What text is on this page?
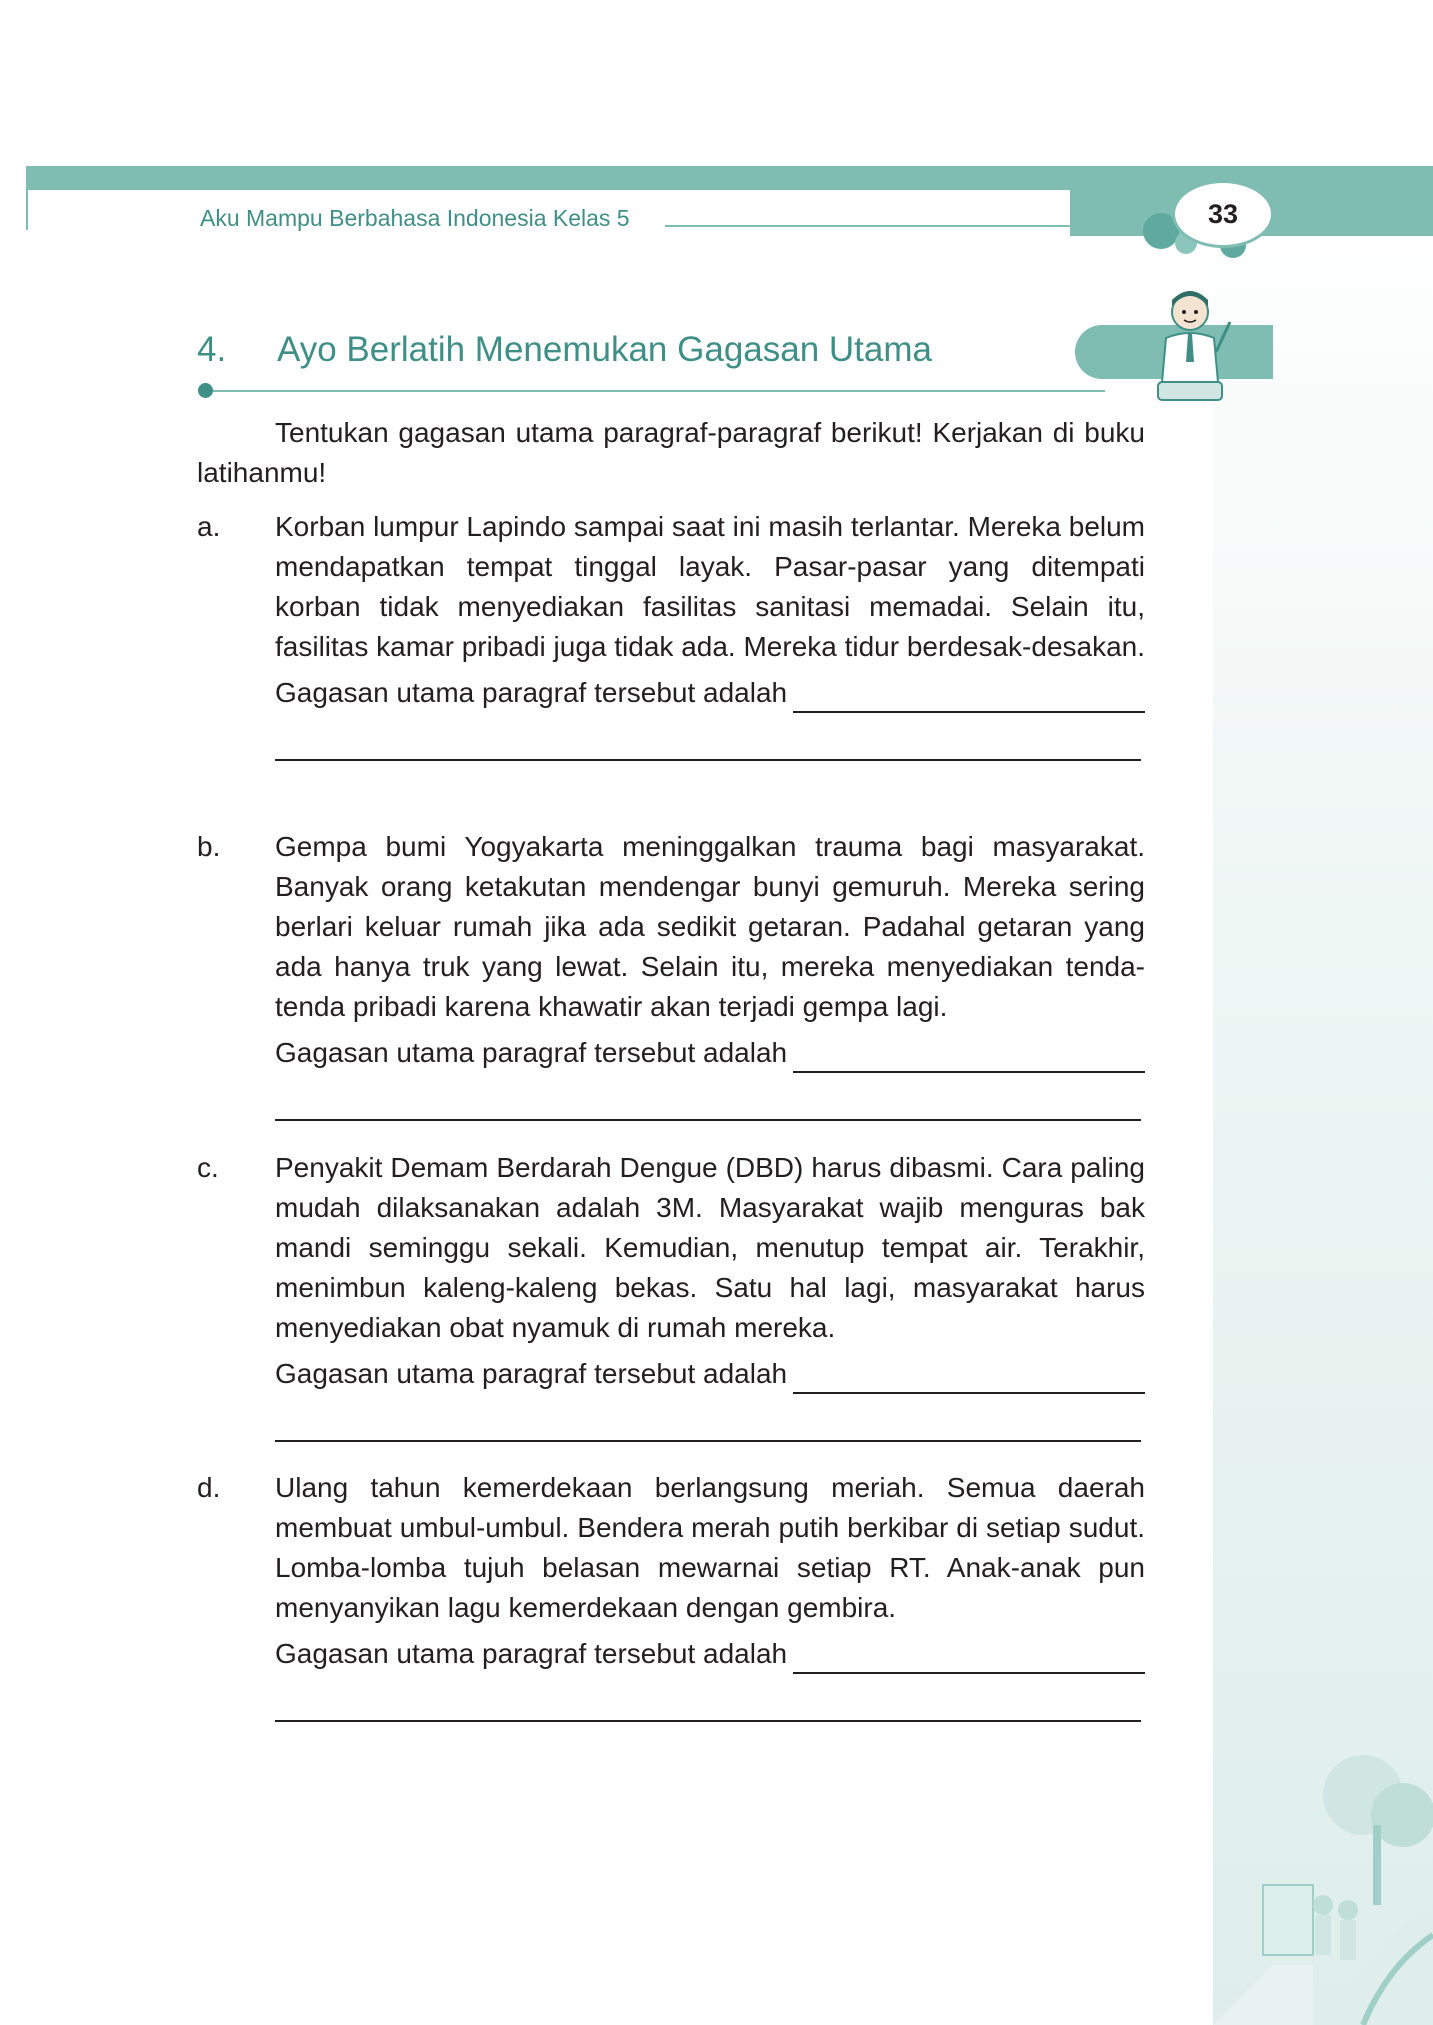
Aku Mampu Berbahasa Indonesia Kelas 5	33
4. Ayo Berlatih Menemukan Gagasan Utama

Tentukan gagasan utama paragraf-paragraf berikut! Kerjakan di buku latihanmu!

a. Korban lumpur Lapindo sampai saat ini masih terlantar. Mereka belum mendapatkan tempat tinggal layak. Pasar-pasar yang ditempati korban tidak menyediakan fasilitas sanitasi memadai. Selain itu, fasilitas kamar pribadi juga tidak ada. Mereka tidur berdesak-desakan.

Gagasan utama paragraf tersebut adalah
b. Gempa bumi Yogyakarta meninggalkan trauma bagi masyarakat. Banyak orang ketakutan mendengar bunyi gemuruh. Mereka sering berlari keluar rumah jika ada sedikit getaran. Padahal getaran yang ada hanya truk yang lewat. Selain itu, mereka menyediakan tenda-tenda pribadi karena khawatir akan terjadi gempa lagi.

Gagasan utama paragraf tersebut adalah
c. Penyakit Demam Berdarah Dengue (DBD) harus dibasmi. Cara paling mudah dilaksanakan adalah 3M. Masyarakat wajib menguras bak mandi seminggu sekali. Kemudian, menutup tempat air. Terakhir, menimbun kaleng-kaleng bekas. Satu hal lagi, masyarakat harus menyediakan obat nyamuk di rumah mereka.

Gagasan utama paragraf tersebut adalah
d. Ulang tahun kemerdekaan berlangsung meriah. Semua daerah membuat umbul-umbul. Bendera merah putih berkibar di setiap sudut. Lomba-lomba tujuh belasan mewarnai setiap RT. Anak-anak pun menyanyikan lagu kemerdekaan dengan gembira.

Gagasan utama paragraf tersebut adalah
